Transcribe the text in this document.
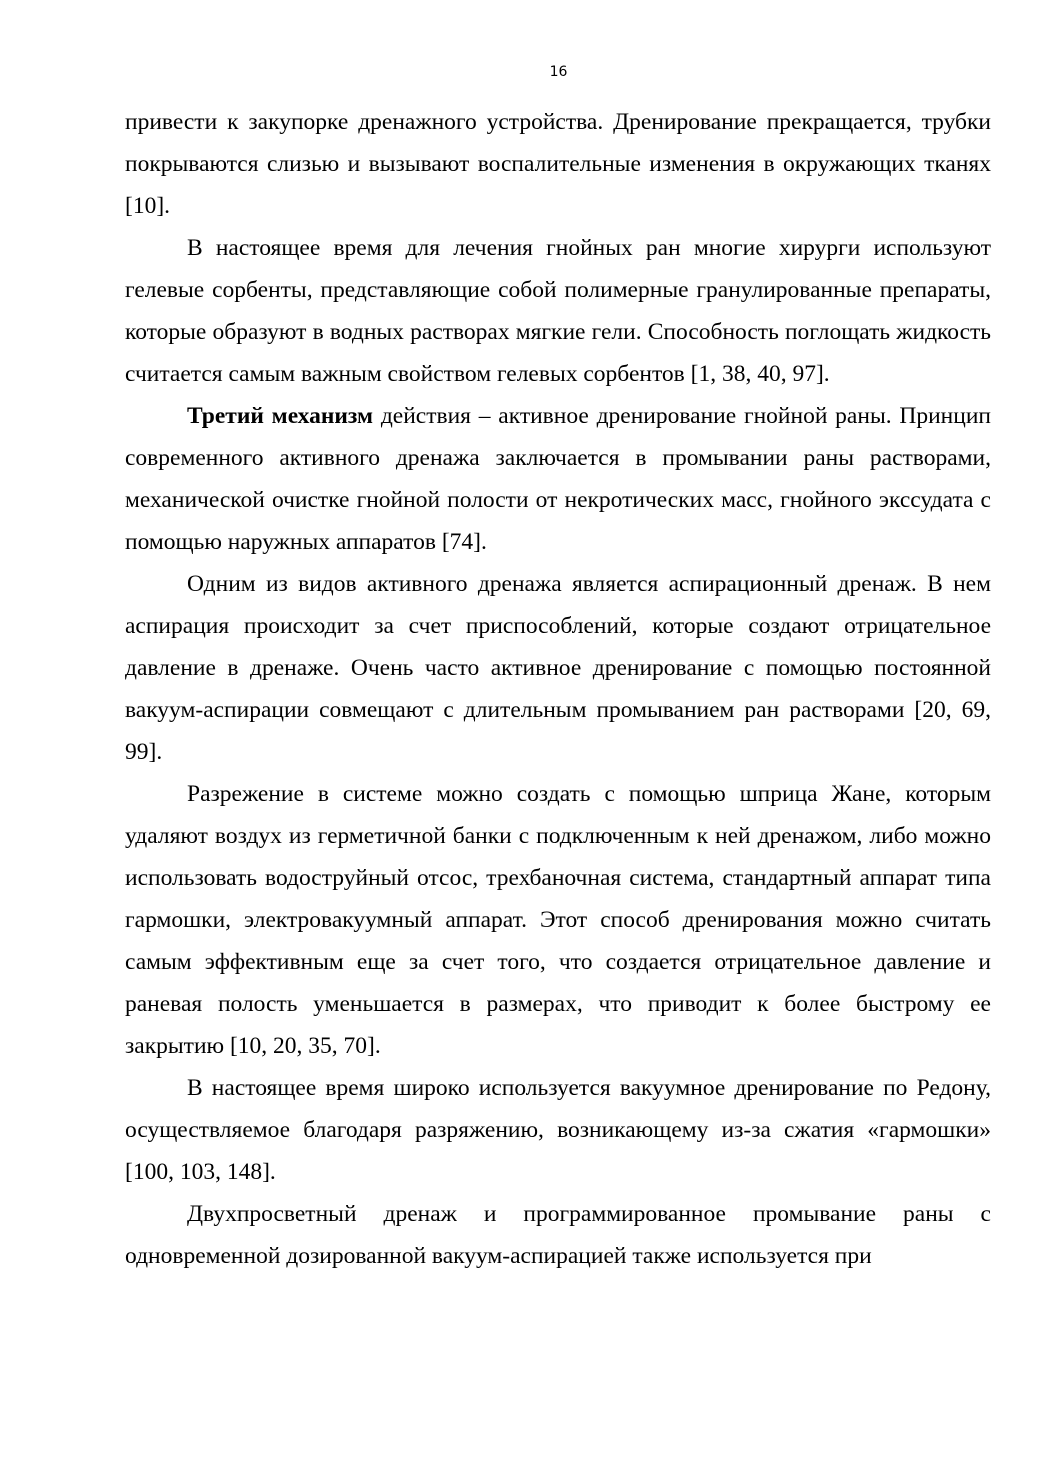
16

привести к закупорке дренажного устройства. Дренирование прекращается, трубки покрываются слизью и вызывают воспалительные изменения в окружающих тканях [10].

В настоящее время для лечения гнойных ран многие хирурги используют гелевые сорбенты, представляющие собой полимерные гранулированные препараты, которые образуют в водных растворах мягкие гели. Способность поглощать жидкость считается самым важным свойством гелевых сорбентов [1, 38, 40, 97].

Третий механизм действия – активное дренирование гнойной раны. Принцип современного активного дренажа заключается в промывании раны растворами, механической очистке гнойной полости от некротических масс, гнойного экссудата с помощью наружных аппаратов [74].

Одним из видов активного дренажа является аспирационный дренаж. В нем аспирация происходит за счет приспособлений, которые создают отрицательное давление в дренаже. Очень часто активное дренирование с помощью постоянной вакуум-аспирации совмещают с длительным промыванием ран растворами [20, 69, 99].

Разрежение в системе можно создать с помощью шприца Жане, которым удаляют воздух из герметичной банки с подключенным к ней дренажом, либо можно использовать водоструйный отсос, трехбаночная система, стандартный аппарат типа гармошки, электровакуумный аппарат. Этот способ дренирования можно считать самым эффективным еще за счет того, что создается отрицательное давление и раневая полость уменьшается в размерах, что приводит к более быстрому ее закрытию [10, 20, 35, 70].

В настоящее время широко используется вакуумное дренирование по Редону, осуществляемое благодаря разряжению, возникающему из-за сжатия «гармошки» [100, 103, 148].

Двухпросветный дренаж и программированное промывание раны с одновременной дозированной вакуум-аспирацией также используется при
